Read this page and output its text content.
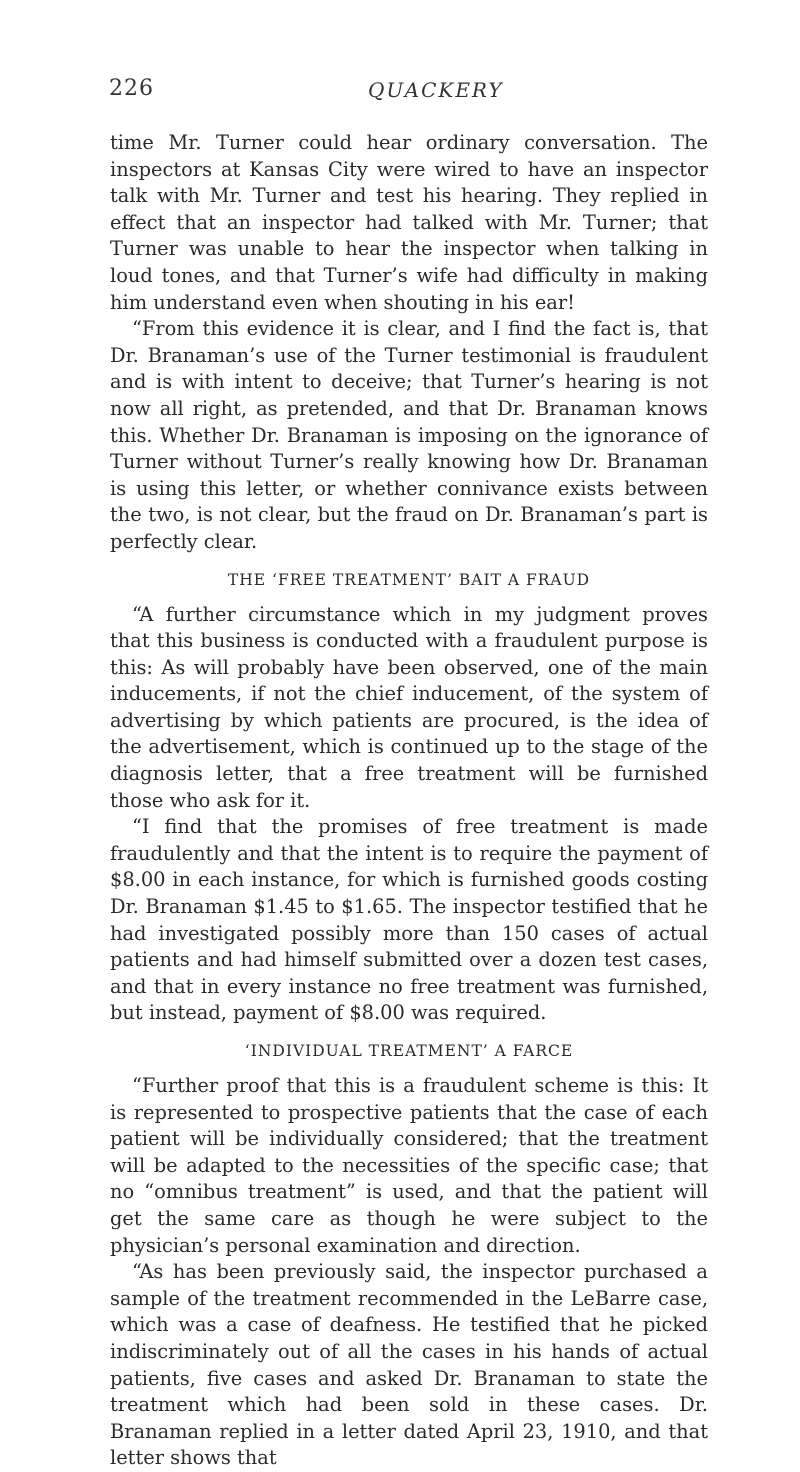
226	QUACKERY

time Mr. Turner could hear ordinary conversation. The inspectors at Kansas City were wired to have an inspector talk with Mr. Turner and test his hearing. They replied in effect that an inspector had talked with Mr. Turner; that Turner was unable to hear the inspector when talking in loud tones, and that Turner’s wife had difficulty in making him understand even when shouting in his ear!

“From this evidence it is clear, and I find the fact is, that Dr. Branaman’s use of the Turner testimonial is fraudulent and is with intent to deceive; that Turner’s hearing is not now all right, as pretended, and that Dr. Branaman knows this. Whether Dr. Branaman is imposing on the ignorance of Turner without Turner’s really knowing how Dr. Branaman is using this letter, or whether connivance exists between the two, is not clear, but the fraud on Dr. Branaman’s part is perfectly clear.

THE ‘FREE TREATMENT’ BAIT A FRAUD

“A further circumstance which in my judgment proves that this business is conducted with a fraudulent purpose is this: As will probably have been observed, one of the main inducements, if not the chief inducement, of the system of advertising by which patients are procured, is the idea of the advertisement, which is continued up to the stage of the diagnosis letter, that a free treatment will be furnished those who ask for it.

“I find that the promises of free treatment is made fraudulently and that the intent is to require the payment of $8.00 in each instance, for which is furnished goods costing Dr. Branaman $1.45 to $1.65. The inspector testified that he had investigated possibly more than 150 cases of actual patients and had himself submitted over a dozen test cases, and that in every instance no free treatment was furnished, but instead, payment of $8.00 was required.

‘INDIVIDUAL TREATMENT’ A FARCE

“Further proof that this is a fraudulent scheme is this: It is represented to prospective patients that the case of each patient will be individually considered; that the treatment will be adapted to the necessities of the specific case; that no “omnibus treatment” is used, and that the patient will get the same care as though he were subject to the physician’s personal examination and direction.

“As has been previously said, the inspector purchased a sample of the treatment recommended in the LeBarre case, which was a case of deafness. He testified that he picked indiscriminately out of all the cases in his hands of actual patients, five cases and asked Dr. Branaman to state the treatment which had been sold in these cases. Dr. Branaman replied in a letter dated April 23, 1910, and that letter shows that
